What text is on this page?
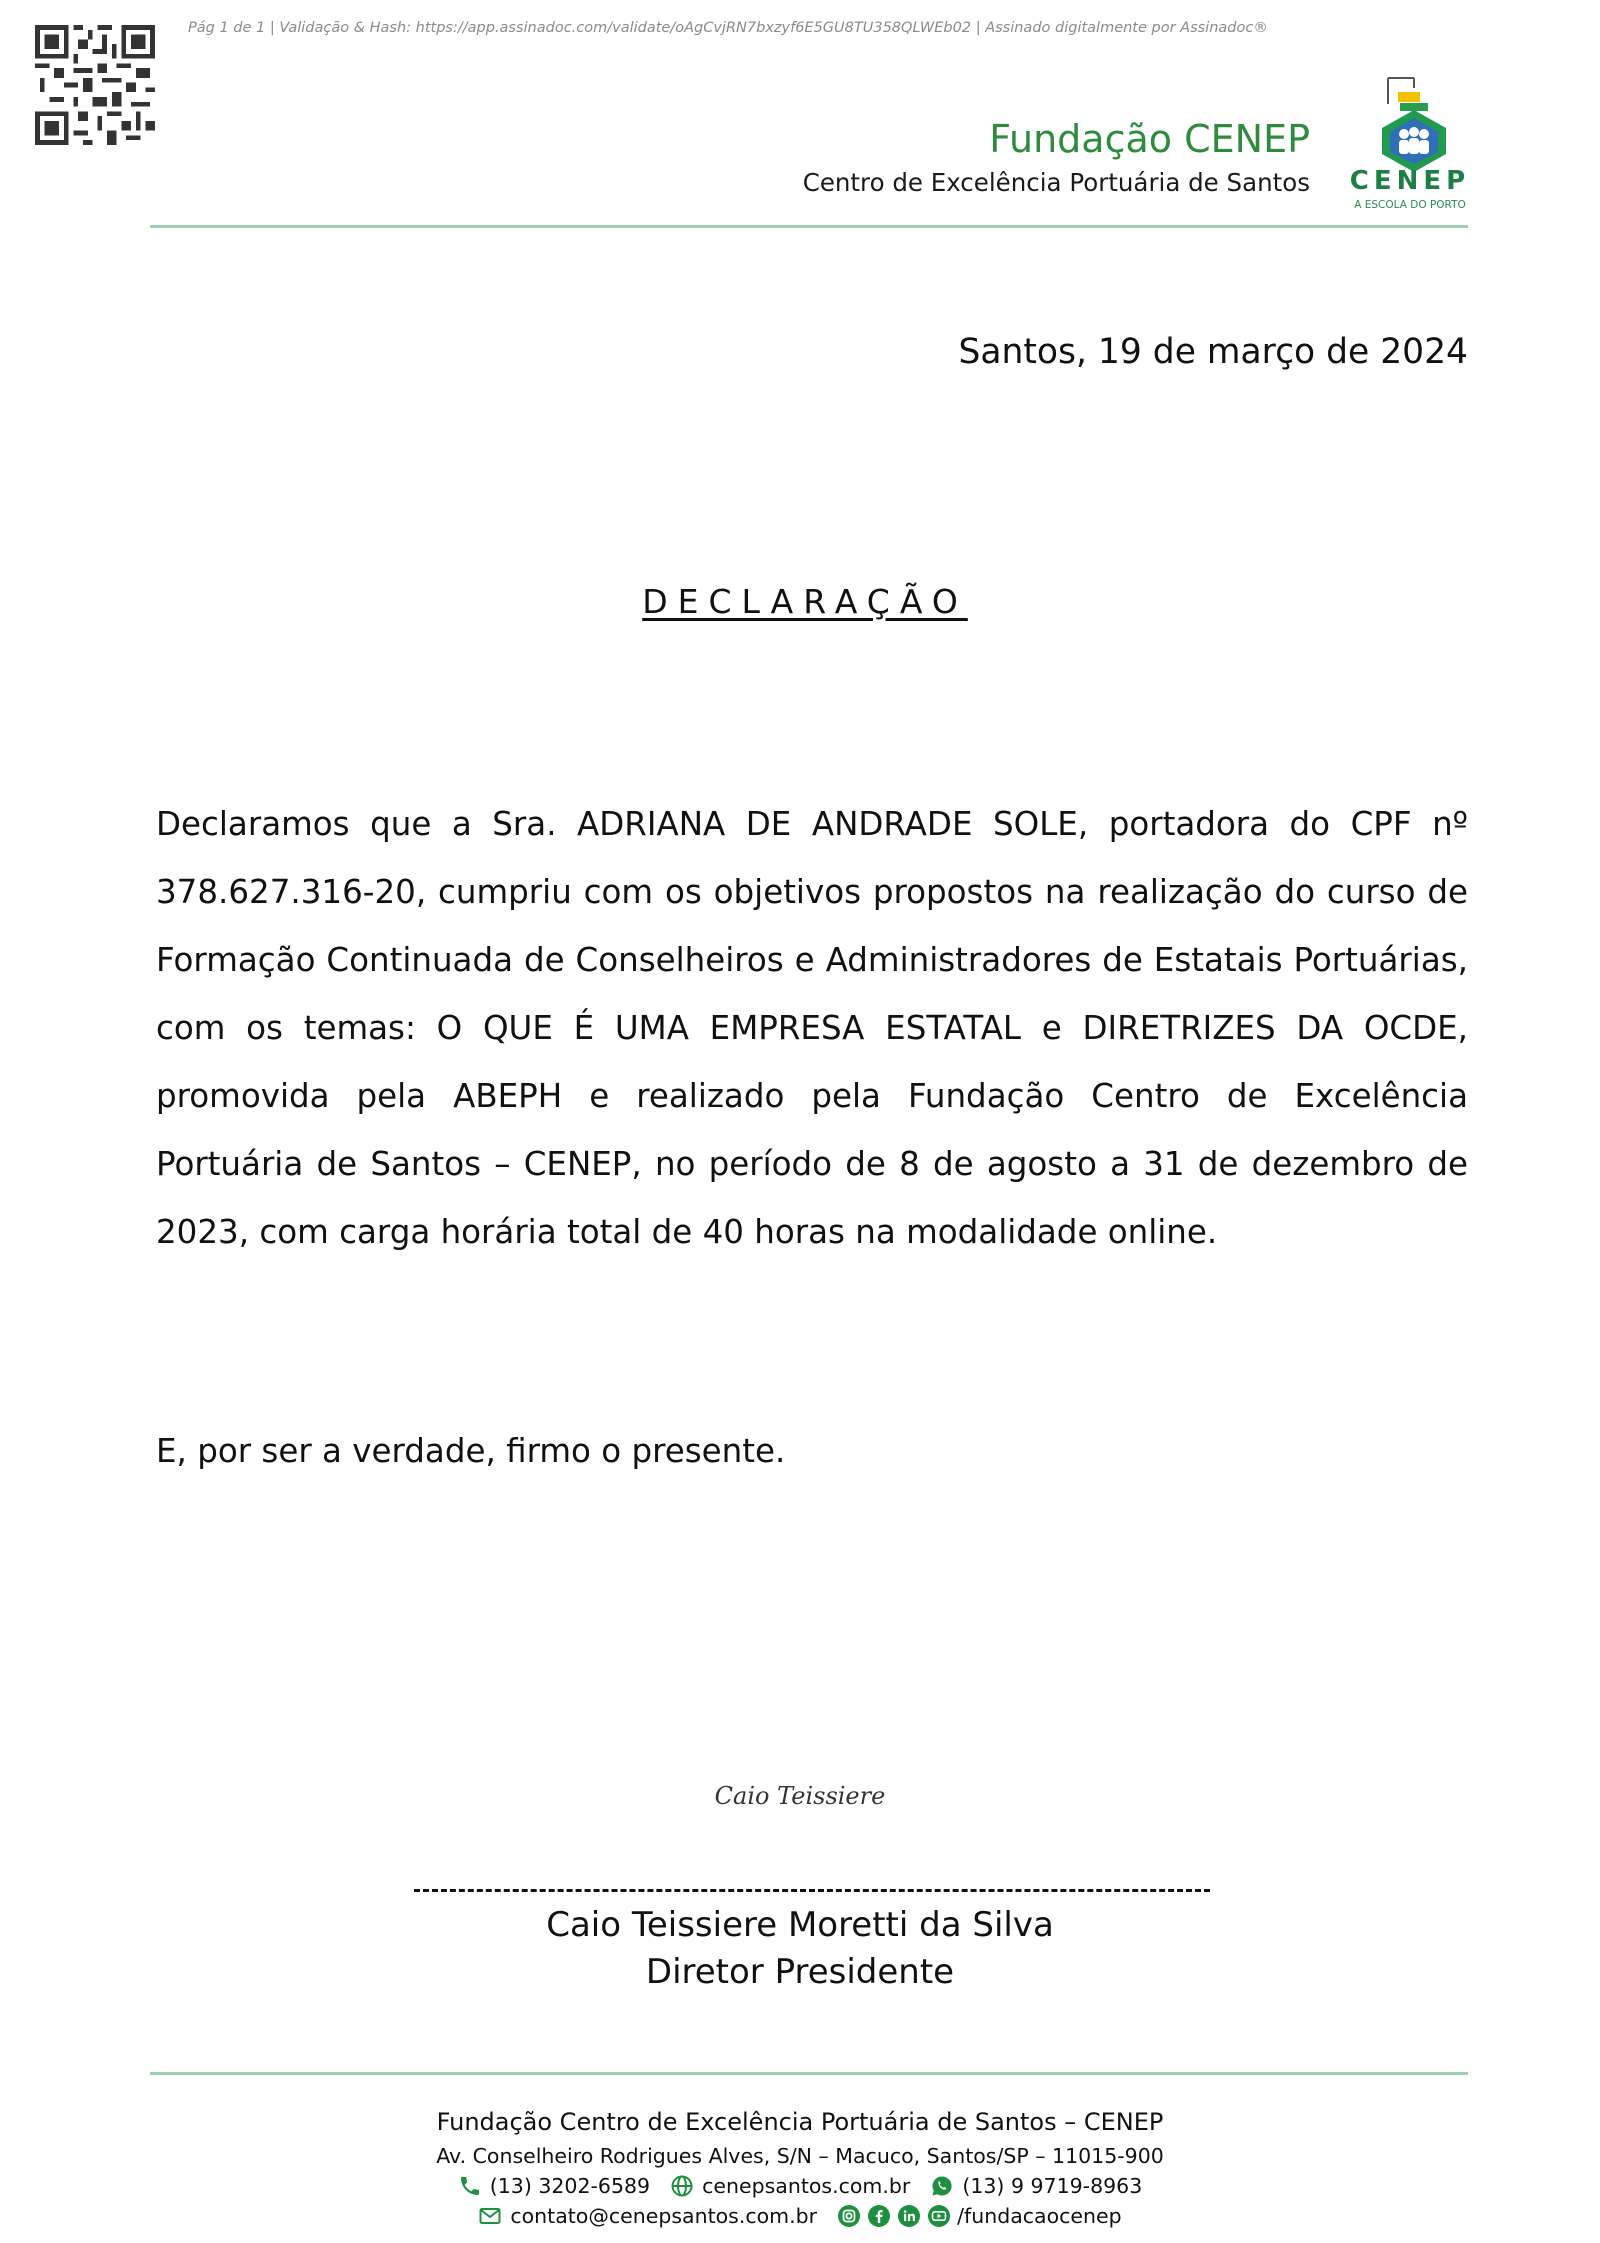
Pág 1 de 1 | Validação & Hash: https://app.assinadoc.com/validate/oAgCvjRN7bxzyf6E5GU8TU358QLWEb02 | Assinado digitalmente por Assinadoc®
Fundação CENEP
Centro de Excelência Portuária de Santos CENEP
A ESCOLA DO PORTO
Santos, 19 de março de 2024
DECLARAÇÃO
Declaramos que a Sra. ADRIANA DE ANDRADE SOLE, portadora do CPF nº 378.627.316-20, cumpriu com os objetivos propostos na realização do curso de Formação Continuada de Conselheiros e Administradores de Estatais Portuárias, com os temas: O QUE É UMA EMPRESA ESTATAL e DIRETRIZES DA OCDE, promovida pela ABEPH e realizado pela Fundação Centro de Excelência Portuária de Santos – CENEP, no período de 8 de agosto a 31 de dezembro de 2023, com carga horária total de 40 horas na modalidade online.
E, por ser a verdade, firmo o presente.
Caio Teissiere
Caio Teissiere Moretti da Silva
Diretor Presidente
Fundação Centro de Excelência Portuária de Santos – CENEP
Av. Conselheiro Rodrigues Alves, S/N – Macuco, Santos/SP – 11015-900
(13) 3202-6589	cenepsantos.com.br	(13) 9 9719-8963
contato@cenepsantos.com.br	/fundacaocenep
